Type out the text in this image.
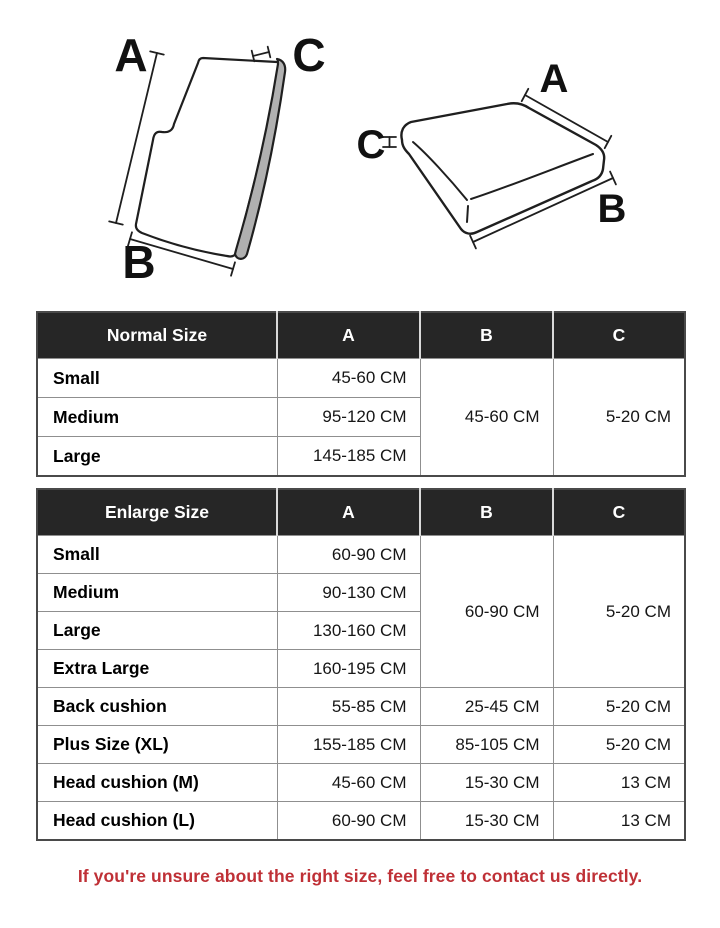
A
B
C	A
B
C
Normal Size	A	B	C
Small	45-60 CM	45-60 CM	5-20 CM
Medium	95-120 CM		
Large	145-185 CM		
Enlarge Size	A	B	C
Small	60-90 CM	60-90 CM	5-20 CM
Medium	90-130 CM		
Large	130-160 CM		
Extra Large	160-195 CM		
Back cushion	55-85 CM	25-45 CM	5-20 CM
Plus Size (XL)	155-185 CM	85-105 CM	5-20 CM
Head cushion (M)	45-60 CM	15-30 CM	13 CM
Head cushion (L)	60-90 CM	15-30 CM	13 CM
If you're unsure about the right size, feel free to contact us directly.
